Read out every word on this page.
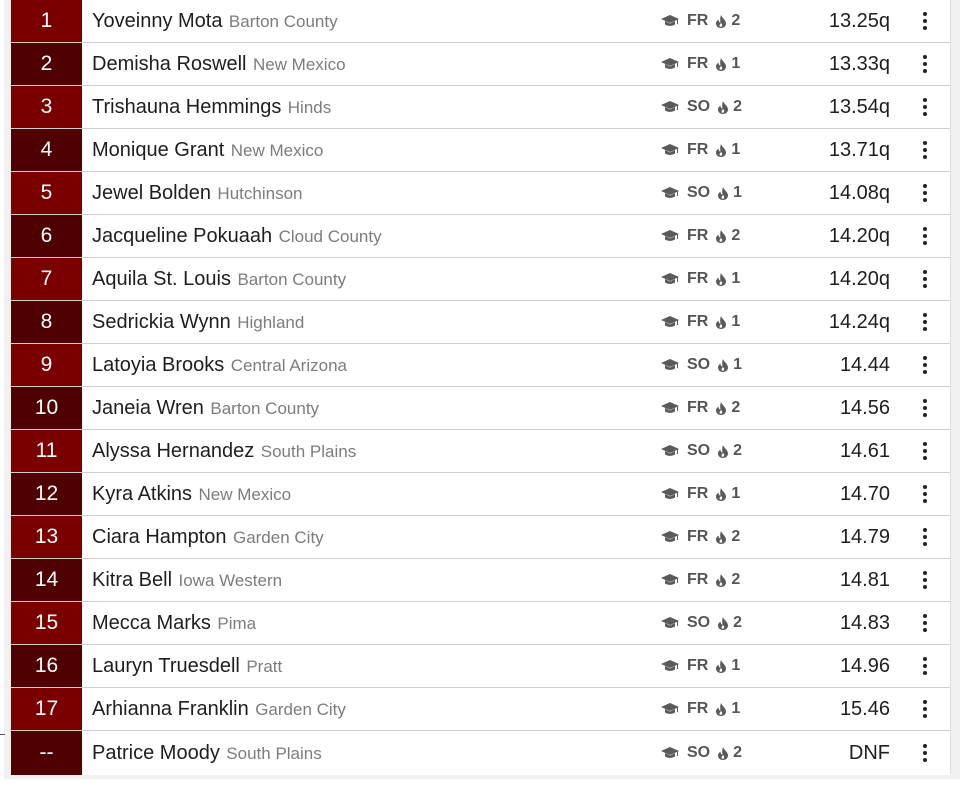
1	Yoveinny Mota Barton County	FR 2	13.25q
2	Demisha Roswell New Mexico	FR 1	13.33q
3	Trishauna Hemmings Hinds	SO 2	13.54q
4	Monique Grant New Mexico	FR 1	13.71q
5	Jewel Bolden Hutchinson	SO 1	14.08q
6	Jacqueline Pokuaah Cloud County	FR 2	14.20q
7	Aquila St. Louis Barton County	FR 1	14.20q
8	Sedrickia Wynn Highland	FR 1	14.24q
9	Latoyia Brooks Central Arizona	SO 1	14.44
10	Janeia Wren Barton County	FR 2	14.56
11	Alyssa Hernandez South Plains	SO 2	14.61
12	Kyra Atkins New Mexico	FR 1	14.70
13	Ciara Hampton Garden City	FR 2	14.79
14	Kitra Bell Iowa Western	FR 2	14.81
15	Mecca Marks Pima	SO 2	14.83
16	Lauryn Truesdell Pratt	FR 1	14.96
17	Arhianna Franklin Garden City	FR 1	15.46
--	Patrice Moody South Plains	SO 2	DNF
